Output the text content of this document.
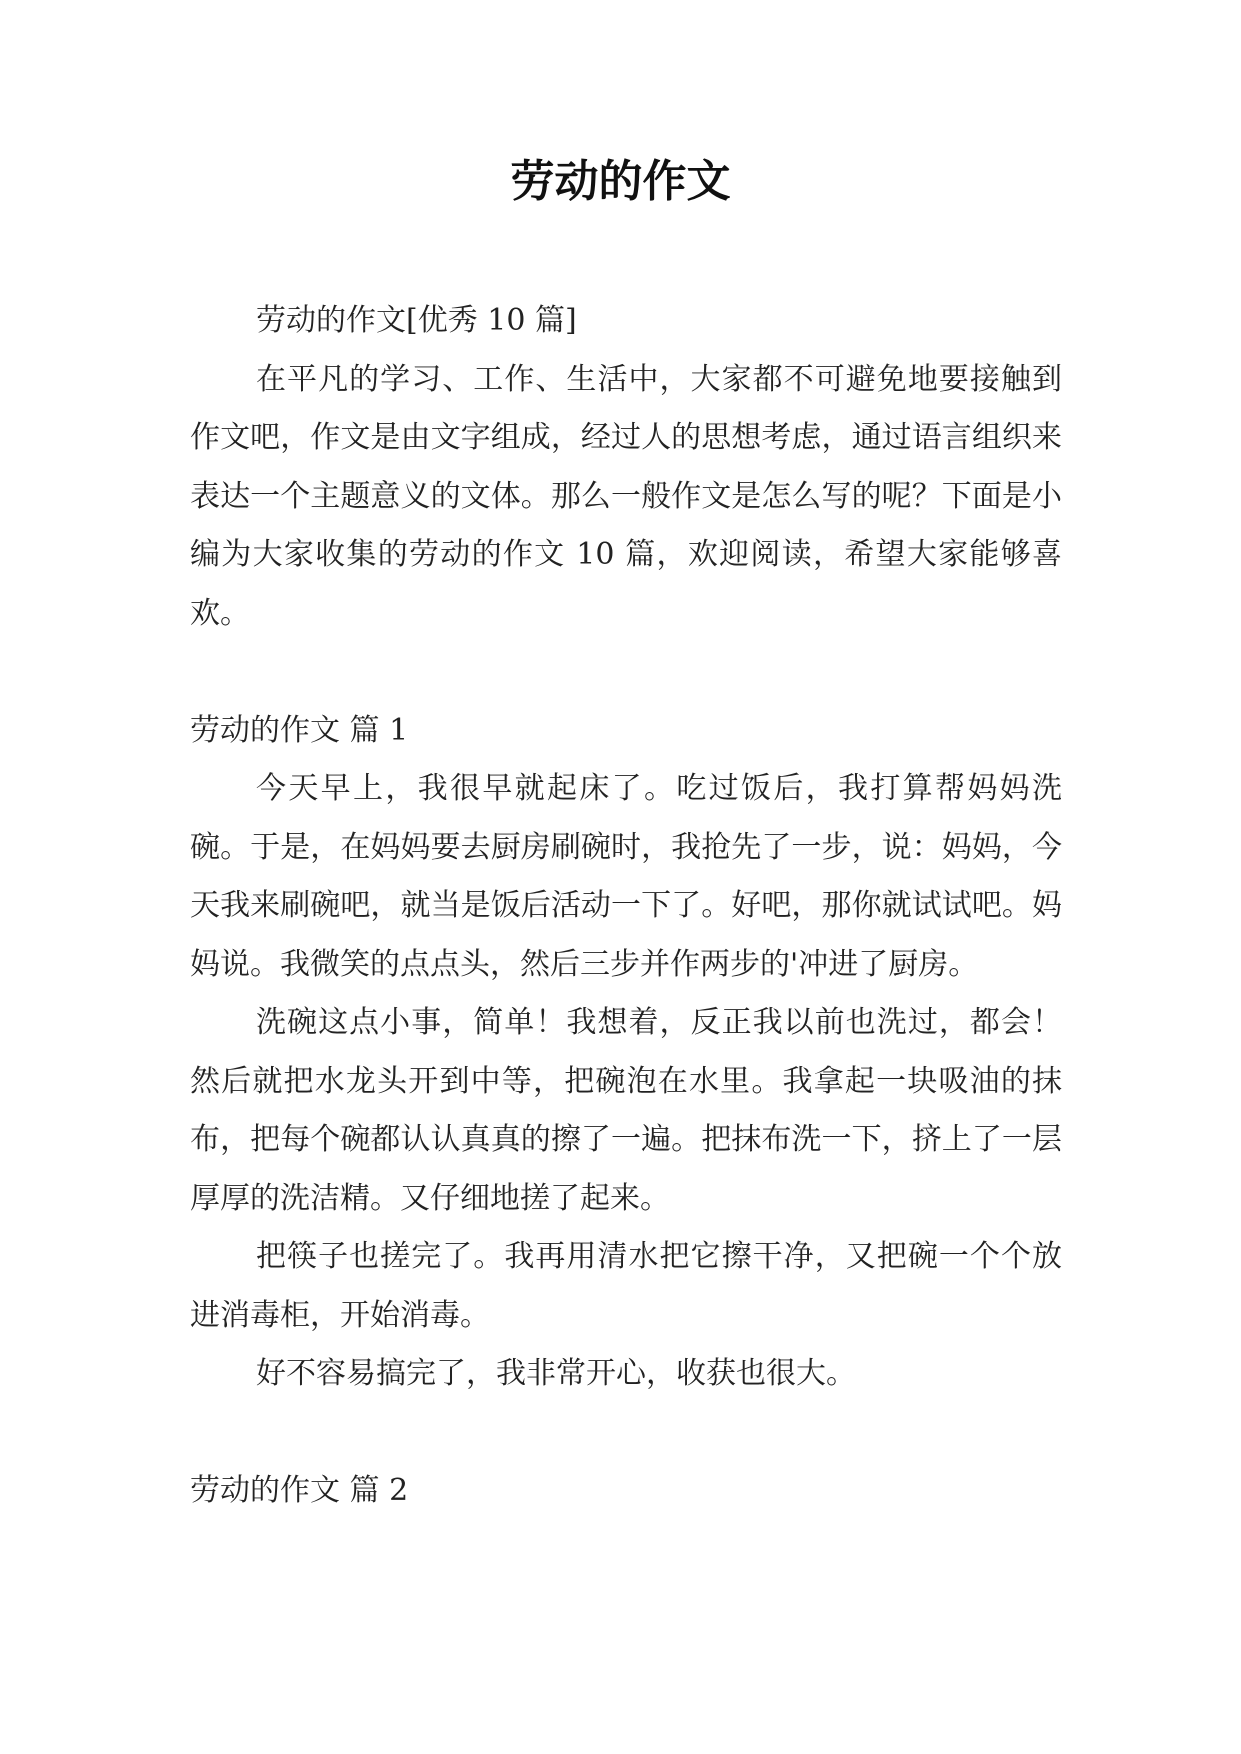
劳动的作文

劳动的作文[优秀 10 篇]

在平凡的学习、工作、生活中，大家都不可避免地要接触到作文吧，作文是由文字组成，经过人的思想考虑，通过语言组织来表达一个主题意义的文体。那么一般作文是怎么写的呢？下面是小编为大家收集的劳动的作文 10 篇，欢迎阅读，希望大家能够喜欢。

劳动的作文 篇 1

今天早上，我很早就起床了。吃过饭后，我打算帮妈妈洗碗。于是，在妈妈要去厨房刷碗时，我抢先了一步，说：妈妈，今天我来刷碗吧，就当是饭后活动一下了。好吧，那你就试试吧。妈妈说。我微笑的点点头，然后三步并作两步的'冲进了厨房。

洗碗这点小事，简单！我想着，反正我以前也洗过，都会！然后就把水龙头开到中等，把碗泡在水里。我拿起一块吸油的抹布，把每个碗都认认真真的擦了一遍。把抹布洗一下，挤上了一层厚厚的洗洁精。又仔细地搓了起来。

把筷子也搓完了。我再用清水把它擦干净，又把碗一个个放进消毒柜，开始消毒。

好不容易搞完了，我非常开心，收获也很大。

劳动的作文 篇 2
